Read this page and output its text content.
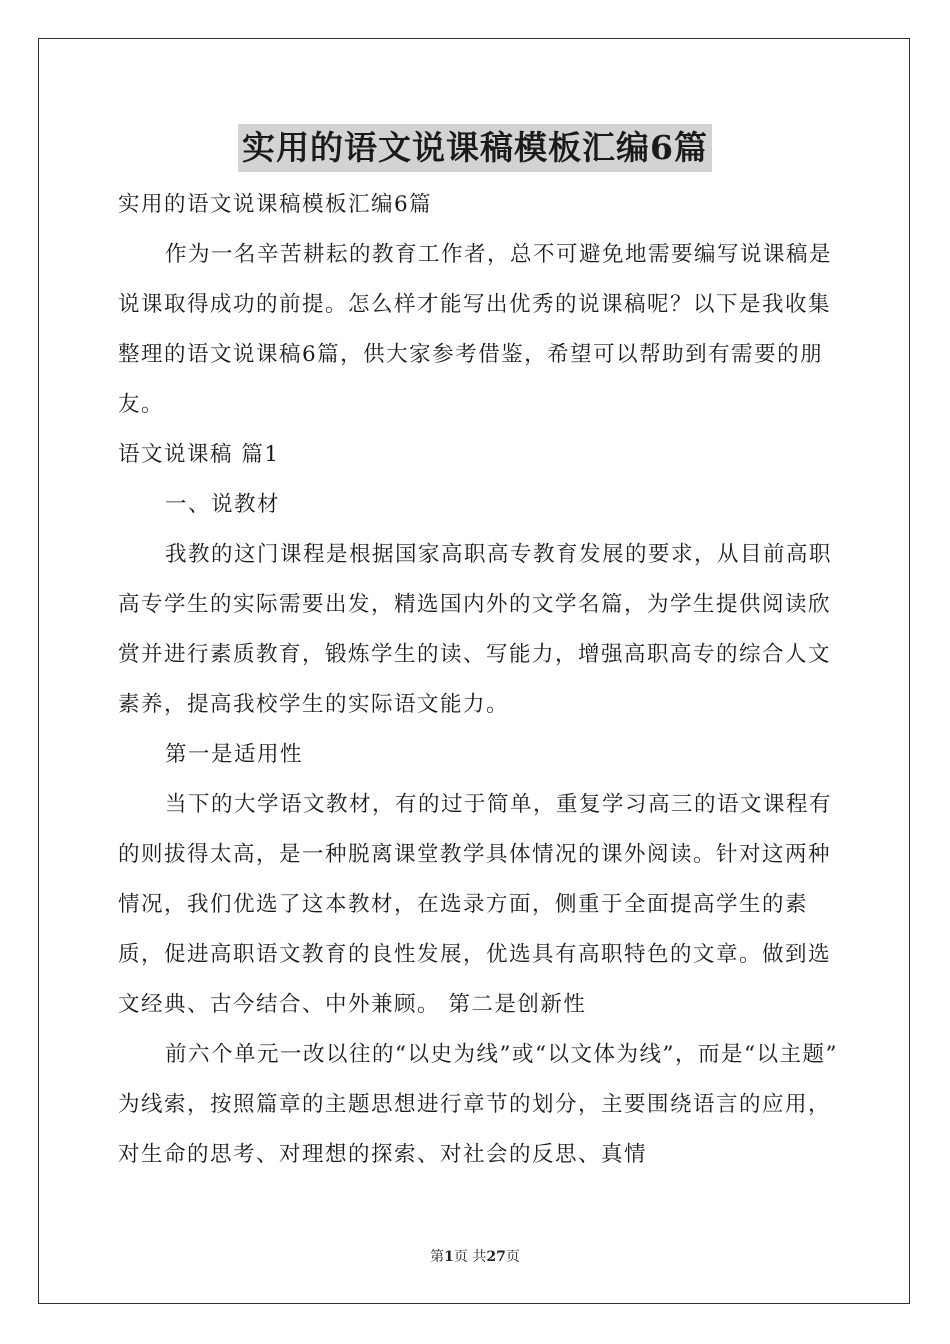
实用的语文说课稿模板汇编6篇

实用的语文说课稿模板汇编6篇

作为一名辛苦耕耘的教育工作者，总不可避免地需要编写说课稿是说课取得成功的前提。怎么样才能写出优秀的说课稿呢？以下是我收集整理的语文说课稿6篇，供大家参考借鉴，希望可以帮助到有需要的朋友。

语文说课稿 篇1

一、说教材

我教的这门课程是根据国家高职高专教育发展的要求，从目前高职高专学生的实际需要出发，精选国内外的文学名篇，为学生提供阅读欣赏并进行素质教育，锻炼学生的读、写能力，增强高职高专的综合人文素养，提高我校学生的实际语文能力。

第一是适用性

当下的大学语文教材，有的过于简单，重复学习高三的语文课程有的则拔得太高，是一种脱离课堂教学具体情况的课外阅读。针对这两种情况，我们优选了这本教材，在选录方面，侧重于全面提高学生的素质，促进高职语文教育的良性发展，优选具有高职特色的文章。做到选文经典、古今结合、中外兼顾。 第二是创新性

前六个单元一改以往的“以史为线”或“以文体为线”，而是“以主题” 为线索，按照篇章的主题思想进行章节的划分，主要围绕语言的应用，对生命的思考、对理想的探索、对社会的反思、真情

第1页 共27页
